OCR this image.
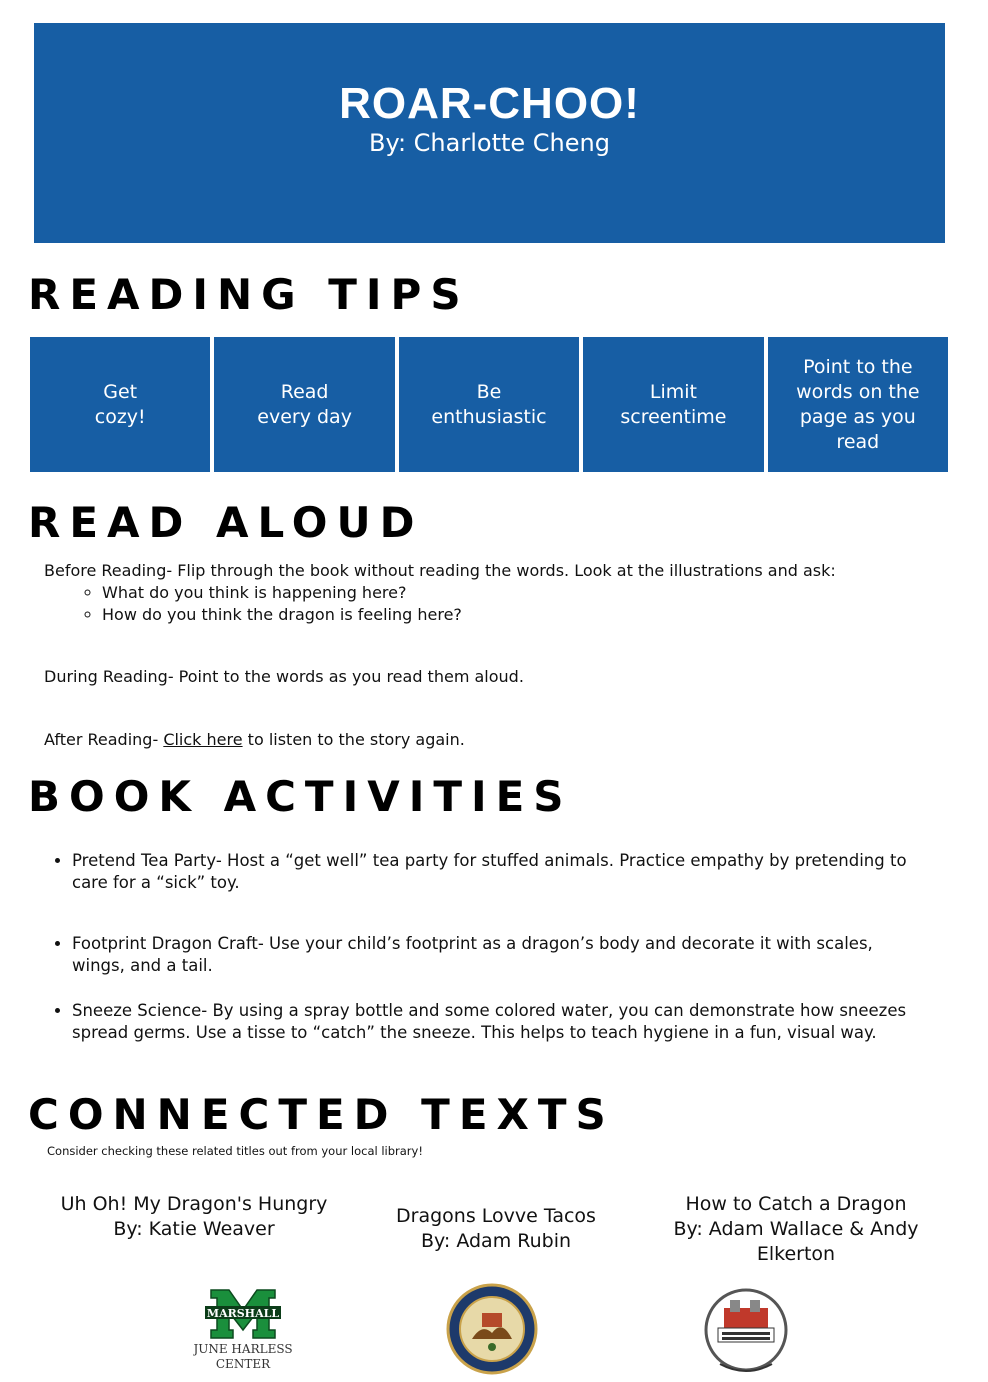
ROAR-CHOO!
By: Charlotte Cheng
READING TIPS
Get
cozy!
Read
every day
Be
enthusiastic
Limit
screentime
Point to the words on the page as you read
READ ALOUD

Before Reading- Flip through the book without reading the words. Look at the illustrations and ask:

◦ What do you think is happening here?
◦ How do you think the dragon is feeling here?

During Reading- Point to the words as you read them aloud.

After Reading- Click here to listen to the story again.

BOOK ACTIVITIES
• Pretend Tea Party- Host a “get well” tea party for stuffed animals. Practice empathy by pretending to care for a “sick” toy.
• Footprint Dragon Craft- Use your child’s footprint as a dragon’s body and decorate it with scales, wings, and a tail.
• Sneeze Science- By using a spray bottle and some colored water, you can demonstrate how sneezes spread germs. Use a tisse to “catch” the sneeze. This helps to teach hygiene in a fun, visual way.
CONNECTED TEXTS
Consider checking these related titles out from your local library!
Uh Oh! My Dragon's Hungry
By: Katie Weaver
Dragons Lovve Tacos
By: Adam Rubin
How to Catch a Dragon
By: Adam Wallace & Andy Elkerton
MARSHALL
JUNE HARLESS
CENTER
